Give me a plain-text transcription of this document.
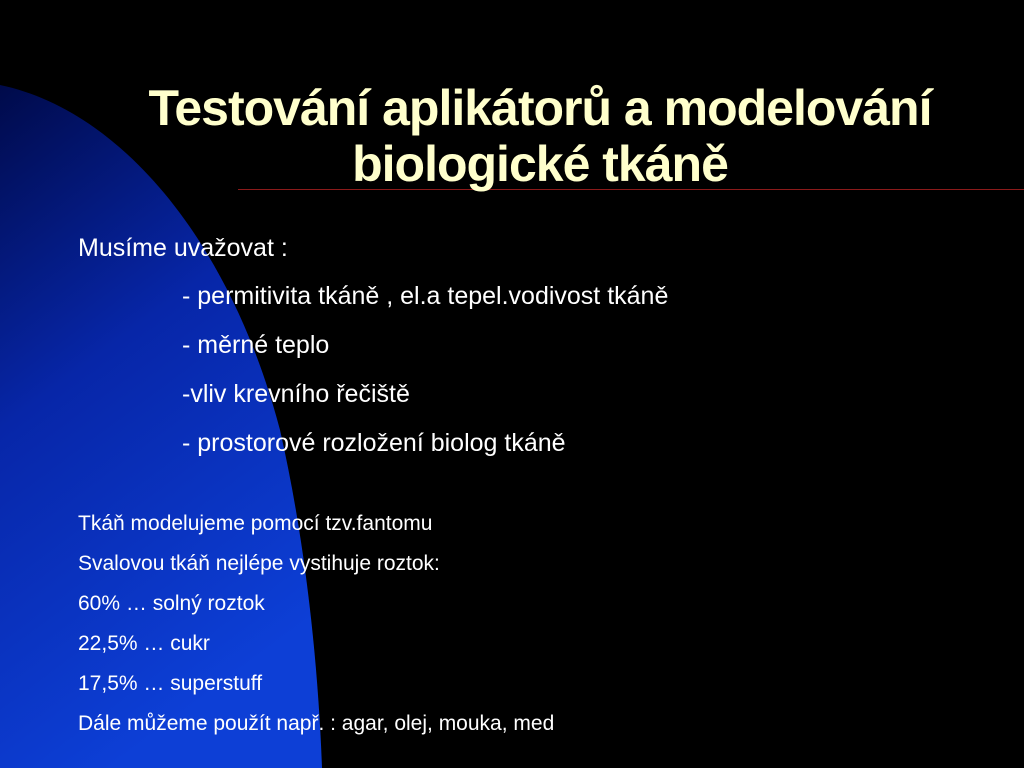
Testování aplikátorů a modelování
biologické tkáně
Musíme uvažovat :
- permitivita tkáně , el.a tepel.vodivost tkáně
- měrné teplo
-vliv krevního řečiště
- prostorové rozložení biolog tkáně
Tkáň modelujeme pomocí tzv.fantomu
Svalovou tkáň nejlépe vystihuje roztok:
60% … solný roztok
22,5% … cukr
17,5% … superstuff
Dále můžeme použít např. : agar, olej, mouka, med
